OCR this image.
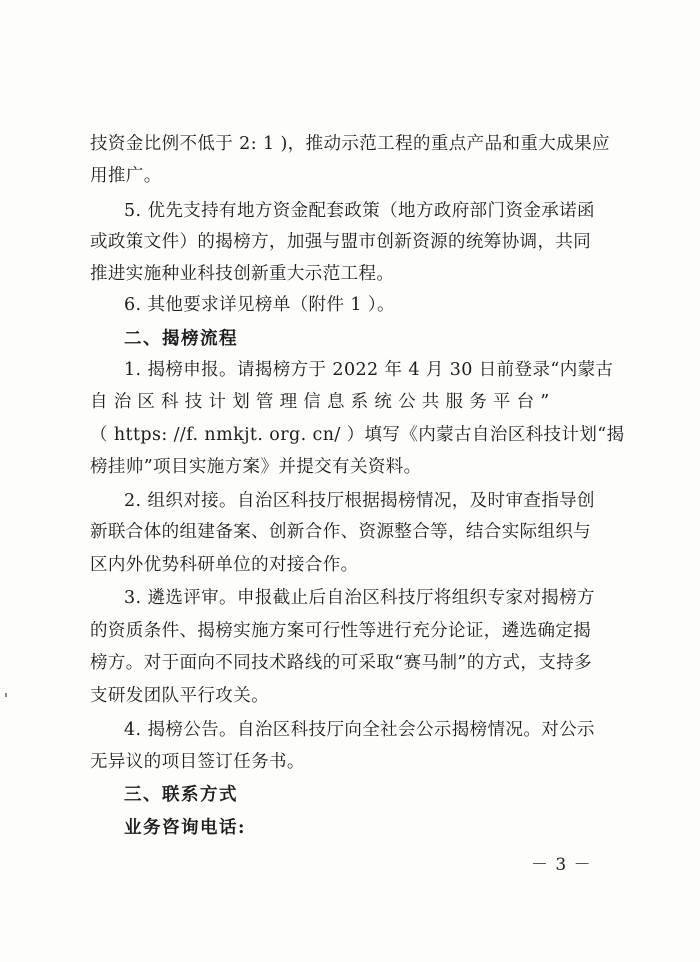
技资金比例不低于 2: 1 )，推动示范工程的重点产品和重大成果应
用推广。
5. 优先支持有地方资金配套政策（地方政府部门资金承诺函
或政策文件）的揭榜方，加强与盟市创新资源的统筹协调，共同
推进实施种业科技创新重大示范工程。
6. 其他要求详见榜单（附件 1 ）。
二、揭榜流程
1. 揭榜申报。请揭榜方于 2022 年 4 月 30 日前登录“内蒙古
自治区科技计划管理信息系统公共服务平台”
（ https: //f. nmkjt. org. cn/ ）填写《内蒙古自治区科技计划“揭
榜挂帅”项目实施方案》并提交有关资料。
2. 组织对接。自治区科技厅根据揭榜情况，及时审查指导创
新联合体的组建备案、创新合作、资源整合等，结合实际组织与
区内外优势科研单位的对接合作。
3. 遴选评审。申报截止后自治区科技厅将组织专家对揭榜方
的资质条件、揭榜实施方案可行性等进行充分论证，遴选确定揭
榜方。对于面向不同技术路线的可采取“赛马制”的方式，支持多
支研发团队平行攻关。
4. 揭榜公告。自治区科技厅向全社会公示揭榜情况。对公示
无异议的项目签订任务书。
三、联系方式
业务咨询电话:
－ 3 －
